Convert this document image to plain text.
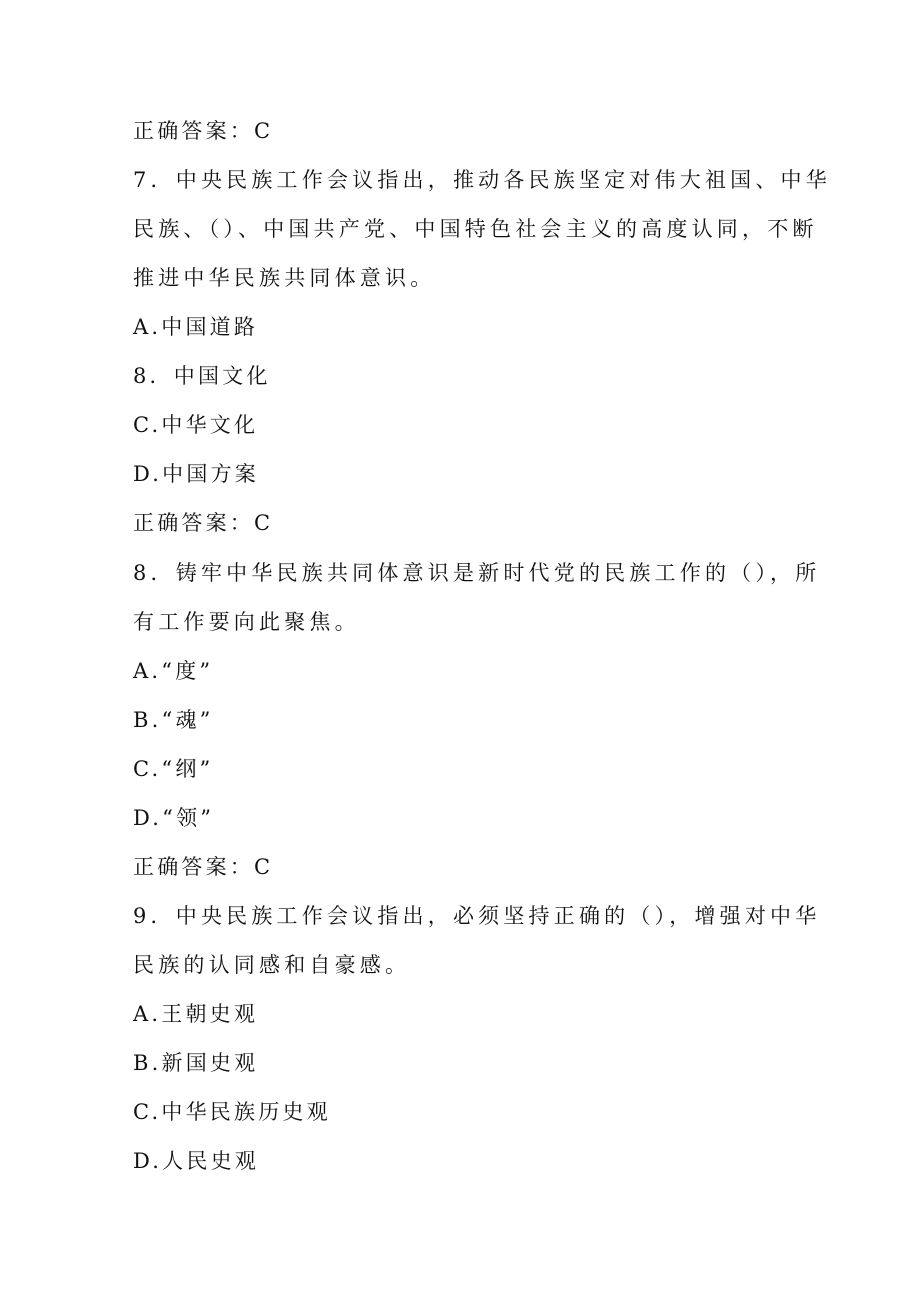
正确答案：C
7．中央民族工作会议指出，推动各民族坚定对伟大祖国、中华
民族、（）、中国共产党、中国特色社会主义的高度认同，不断
推进中华民族共同体意识。
A.中国道路
8．中国文化
C.中华文化
D.中国方案
正确答案：C
8．铸牢中华民族共同体意识是新时代党的民族工作的（），所
有工作要向此聚焦。
A.“度”
B.“魂”
C.“纲”
D.“领”
正确答案：C
9．中央民族工作会议指出，必须坚持正确的（），增强对中华
民族的认同感和自豪感。
A.王朝史观
B.新国史观
C.中华民族历史观
D.人民史观
